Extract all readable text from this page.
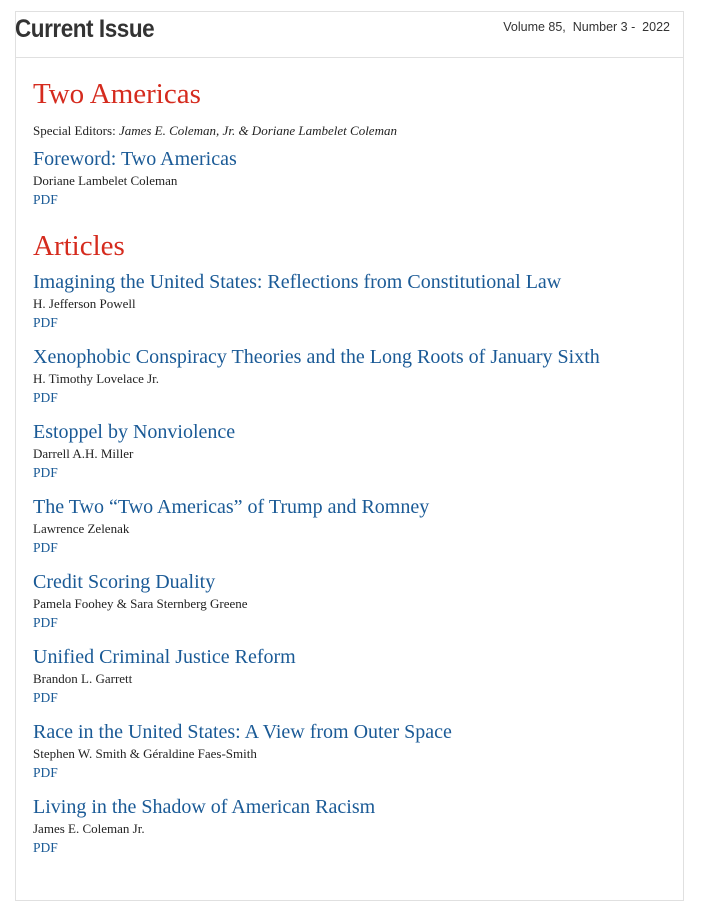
Current Issue	Volume 85,  Number 3 -  2022
Two Americas
Special Editors: James E. Coleman, Jr. & Doriane Lambelet Coleman
Foreword: Two Americas
Doriane Lambelet Coleman
PDF
Articles
Imagining the United States: Reflections from Constitutional Law
H. Jefferson Powell
PDF
Xenophobic Conspiracy Theories and the Long Roots of January Sixth
H. Timothy Lovelace Jr.
PDF
Estoppel by Nonviolence
Darrell A.H. Miller
PDF
The Two “Two Americas” of Trump and Romney
Lawrence Zelenak
PDF
Credit Scoring Duality
Pamela Foohey & Sara Sternberg Greene
PDF
Unified Criminal Justice Reform
Brandon L. Garrett
PDF
Race in the United States: A View from Outer Space
Stephen W. Smith & Géraldine Faes-Smith
PDF
Living in the Shadow of American Racism
James E. Coleman Jr.
PDF
